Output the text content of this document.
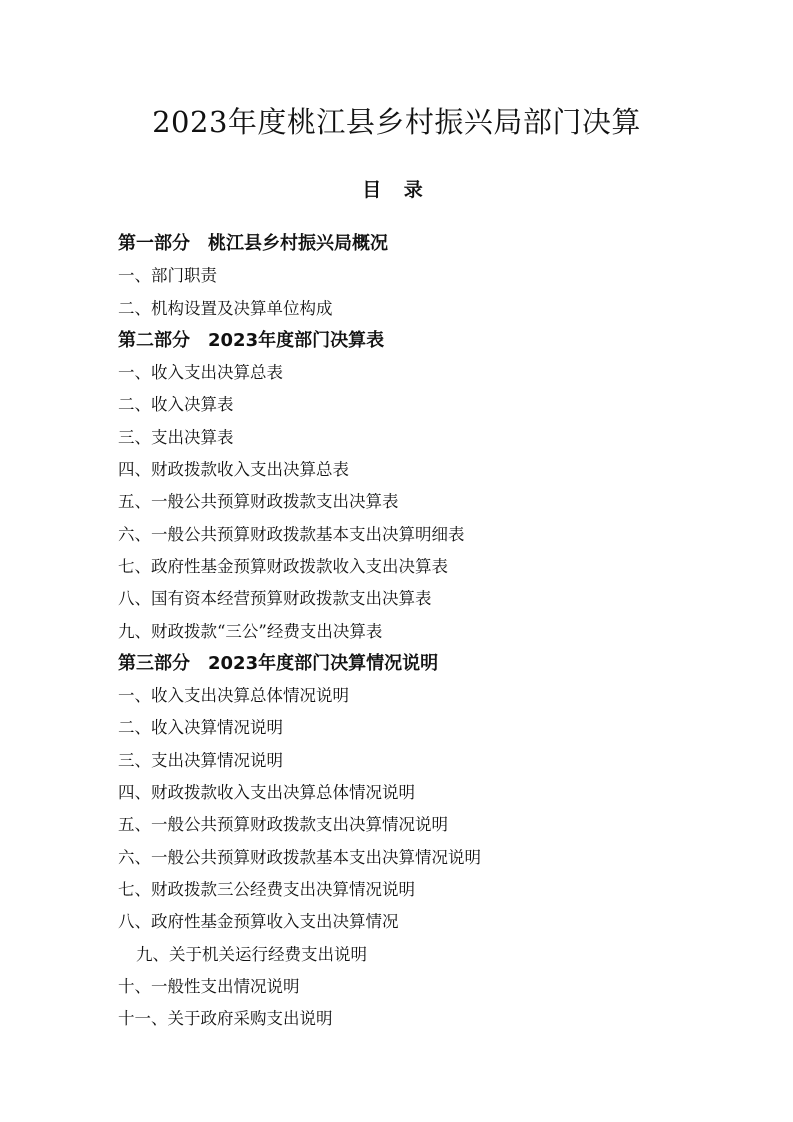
2023年度桃江县乡村振兴局部门决算
目 录
第一部分　桃江县乡村振兴局概况
一、部门职责
二、机构设置及决算单位构成
第二部分　2023年度部门决算表
一、收入支出决算总表
二、收入决算表
三、支出决算表
四、财政拨款收入支出决算总表
五、一般公共预算财政拨款支出决算表
六、一般公共预算财政拨款基本支出决算明细表
七、政府性基金预算财政拨款收入支出决算表
八、国有资本经营预算财政拨款支出决算表
九、财政拨款“三公”经费支出决算表
第三部分　2023年度部门决算情况说明
一、收入支出决算总体情况说明
二、收入决算情况说明
三、支出决算情况说明
四、财政拨款收入支出决算总体情况说明
五、一般公共预算财政拨款支出决算情况说明
六、一般公共预算财政拨款基本支出决算情况说明
七、财政拨款三公经费支出决算情况说明
八、政府性基金预算收入支出决算情况
九、关于机关运行经费支出说明
十、一般性支出情况说明
十一、关于政府采购支出说明
